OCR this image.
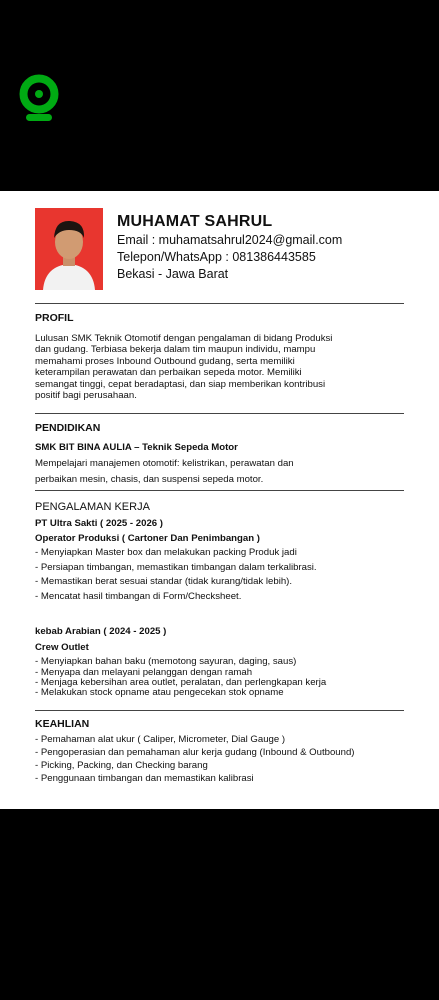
MUHAMAT SAHRUL
Email : muhamatsahrul2024@gmail.com
Telepon/WhatsApp : 081386443585
Bekasi - Jawa Barat
PROFIL
Lulusan SMK Teknik Otomotif dengan pengalaman di bidang Produksi
dan gudang. Terbiasa bekerja dalam tim maupun individu, mampu
memahami proses Inbound Outbound gudang, serta memiliki
keterampilan perawatan dan perbaikan sepeda motor. Memiliki
semangat tinggi, cepat beradaptasi, dan siap memberikan kontribusi
positif bagi perusahaan.
PENDIDIKAN
SMK BIT BINA AULIA – Teknik Sepeda Motor
Mempelajari manajemen otomotif: kelistrikan, perawatan dan
perbaikan mesin, chasis, dan suspensi sepeda motor.
PENGALAMAN KERJA
PT Ultra Sakti ( 2025 - 2026 )
Operator Produksi ( Cartoner Dan Penimbangan )
- Menyiapkan Master box dan melakukan packing Produk jadi
- Persiapan timbangan, memastikan timbangan dalam terkalibrasi.
- Memastikan berat sesuai standar (tidak kurang/tidak lebih).
- Mencatat hasil timbangan di Form/Checksheet.
kebab Arabian ( 2024 - 2025 )
Crew Outlet
- Menyiapkan bahan baku (memotong sayuran, daging, saus)
- Menyapa dan melayani pelanggan dengan ramah
- Menjaga kebersihan area outlet, peralatan, dan perlengkapan kerja
- Melakukan stock opname atau pengecekan stok opname
KEAHLIAN
- Pemahaman alat ukur ( Caliper, Micrometer, Dial Gauge )
- Pengoperasian dan pemahaman alur kerja gudang (Inbound & Outbound)
- Picking, Packing, dan Checking barang
- Penggunaan timbangan dan memastikan kalibrasi
